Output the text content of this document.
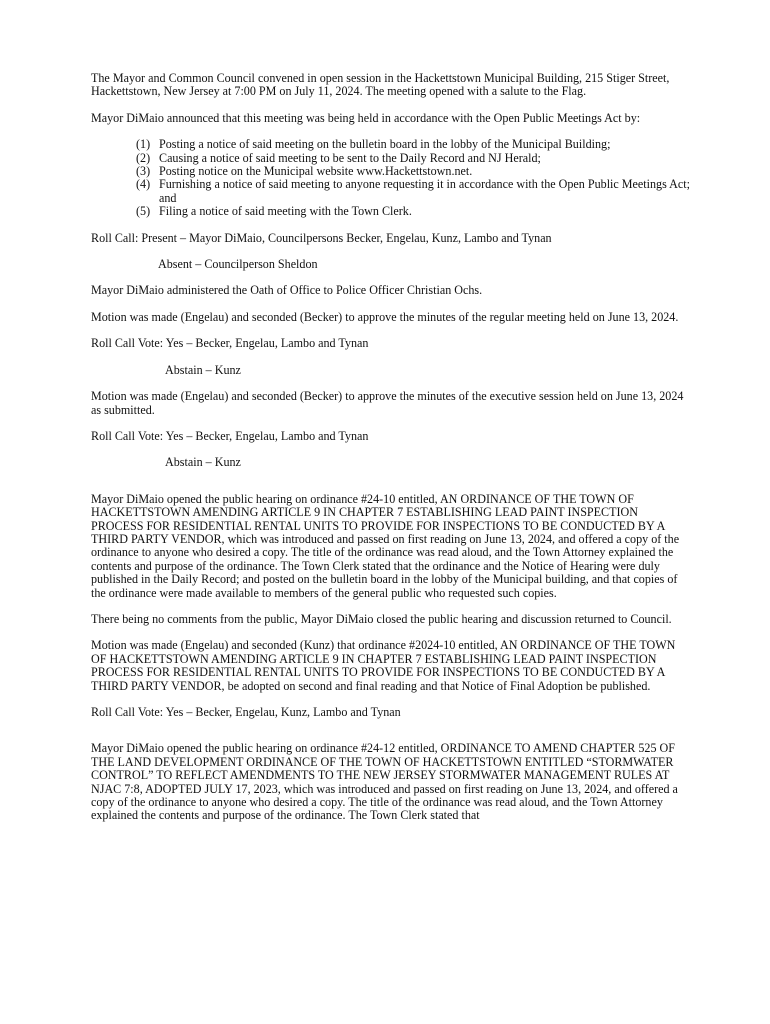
The Mayor and Common Council convened in open session in the Hackettstown Municipal Building, 215 Stiger Street, Hackettstown, New Jersey at 7:00 PM on July 11, 2024. The meeting opened with a salute to the Flag.

Mayor DiMaio announced that this meeting was being held in accordance with the Open Public Meetings Act by:

(1) Posting a notice of said meeting on the bulletin board in the lobby of the Municipal Building;
(2) Causing a notice of said meeting to be sent to the Daily Record and NJ Herald;
(3) Posting notice on the Municipal website www.Hackettstown.net.
(4) Furnishing a notice of said meeting to anyone requesting it in accordance with the Open Public Meetings Act; and
(5) Filing a notice of said meeting with the Town Clerk.

Roll Call: Present – Mayor DiMaio, Councilpersons Becker, Engelau, Kunz, Lambo and Tynan

Absent – Councilperson Sheldon

Mayor DiMaio administered the Oath of Office to Police Officer Christian Ochs.

Motion was made (Engelau) and seconded (Becker) to approve the minutes of the regular meeting held on June 13, 2024.

Roll Call Vote: Yes – Becker, Engelau, Lambo and Tynan

Abstain – Kunz

Motion was made (Engelau) and seconded (Becker) to approve the minutes of the executive session held on June 13, 2024 as submitted.

Roll Call Vote: Yes – Becker, Engelau, Lambo and Tynan

Abstain – Kunz

Mayor DiMaio opened the public hearing on ordinance #24-10 entitled, AN ORDINANCE OF THE TOWN OF HACKETTSTOWN AMENDING ARTICLE 9 IN CHAPTER 7 ESTABLISHING LEAD PAINT INSPECTION PROCESS FOR RESIDENTIAL RENTAL UNITS TO PROVIDE FOR INSPECTIONS TO BE CONDUCTED BY A THIRD PARTY VENDOR, which was introduced and passed on first reading on June 13, 2024, and offered a copy of the ordinance to anyone who desired a copy. The title of the ordinance was read aloud, and the Town Attorney explained the contents and purpose of the ordinance. The Town Clerk stated that the ordinance and the Notice of Hearing were duly published in the Daily Record; and posted on the bulletin board in the lobby of the Municipal building, and that copies of the ordinance were made available to members of the general public who requested such copies.

There being no comments from the public, Mayor DiMaio closed the public hearing and discussion returned to Council.

Motion was made (Engelau) and seconded (Kunz) that ordinance #2024-10 entitled, AN ORDINANCE OF THE TOWN OF HACKETTSTOWN AMENDING ARTICLE 9 IN CHAPTER 7 ESTABLISHING LEAD PAINT INSPECTION PROCESS FOR RESIDENTIAL RENTAL UNITS TO PROVIDE FOR INSPECTIONS TO BE CONDUCTED BY A THIRD PARTY VENDOR, be adopted on second and final reading and that Notice of Final Adoption be published.

Roll Call Vote: Yes – Becker, Engelau, Kunz, Lambo and Tynan

Mayor DiMaio opened the public hearing on ordinance #24-12 entitled, ORDINANCE TO AMEND CHAPTER 525 OF THE LAND DEVELOPMENT ORDINANCE OF THE TOWN OF HACKETTSTOWN ENTITLED “STORMWATER CONTROL” TO REFLECT AMENDMENTS TO THE NEW JERSEY STORMWATER MANAGEMENT RULES AT NJAC 7:8, ADOPTED JULY 17, 2023, which was introduced and passed on first reading on June 13, 2024, and offered a copy of the ordinance to anyone who desired a copy. The title of the ordinance was read aloud, and the Town Attorney explained the contents and purpose of the ordinance. The Town Clerk stated that
